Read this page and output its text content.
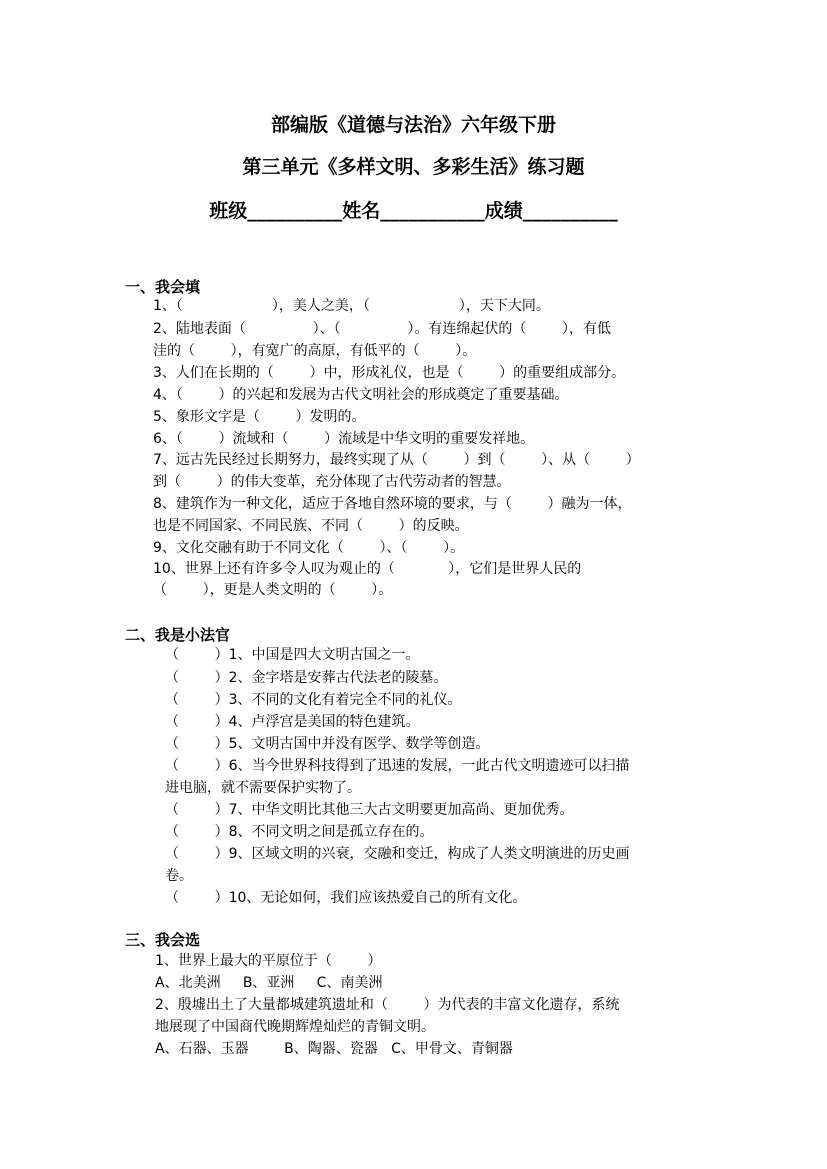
部编版《道德与法治》六年级下册
第三单元《多样文明、多彩生活》练习题
班级__________姓名___________成绩__________
一、我会填
1、（                    ），美人之美，（                    ），天下大同。
2、陆地表面（               ）、（               ）。有连绵起伏的（        ），有低
洼的（        ），有宽广的高原，有低平的（        ）。
3、人们在长期的（        ）中，形成礼仪，也是（        ）的重要组成部分。
4、（        ）的兴起和发展为古代文明社会的形成奠定了重要基础。
5、象形文字是（        ）发明的。
6、（        ）流域和（        ）流域是中华文明的重要发祥地。
7、远古先民经过长期努力，最终实现了从（        ）到（        ）、从（        ）
到（        ）的伟大变革，充分体现了古代劳动者的智慧。
8、建筑作为一种文化，适应于各地自然环境的要求，与（        ）融为一体，
也是不同国家、不同民族、不同（        ）的反映。
9、文化交融有助于不同文化（        ）、（        ）。
10、世界上还有许多令人叹为观止的（            ），它们是世界人民的
（        ），更是人类文明的（        ）。
二、我是小法官
（        ）1、中国是四大文明古国之一。
（        ）2、金字塔是安葬古代法老的陵墓。
（        ）3、不同的文化有着完全不同的礼仪。
（        ）4、卢浮宫是美国的特色建筑。
（        ）5、文明古国中并没有医学、数学等创造。
（        ）6、当今世界科技得到了迅速的发展，一此古代文明遗迹可以扫描
进电脑，就不需要保护实物了。
（        ）7、中华文明比其他三大古文明要更加高尚、更加优秀。
（        ）8、不同文明之间是孤立存在的。
（        ）9、区域文明的兴衰，交融和变迁，构成了人类文明演进的历史画
卷。
（        ）10、无论如何，我们应该热爱自己的所有文化。
三、我会选
1、世界上最大的平原位于（        ）
A、北美洲     B、亚洲     C、南美洲
2、殷墟出土了大量都城建筑遗址和（        ）为代表的丰富文化遗存，系统
地展现了中国商代晚期辉煌灿烂的青铜文明。
A、石器、玉器        B、陶器、瓷器   C、甲骨文、青铜器
